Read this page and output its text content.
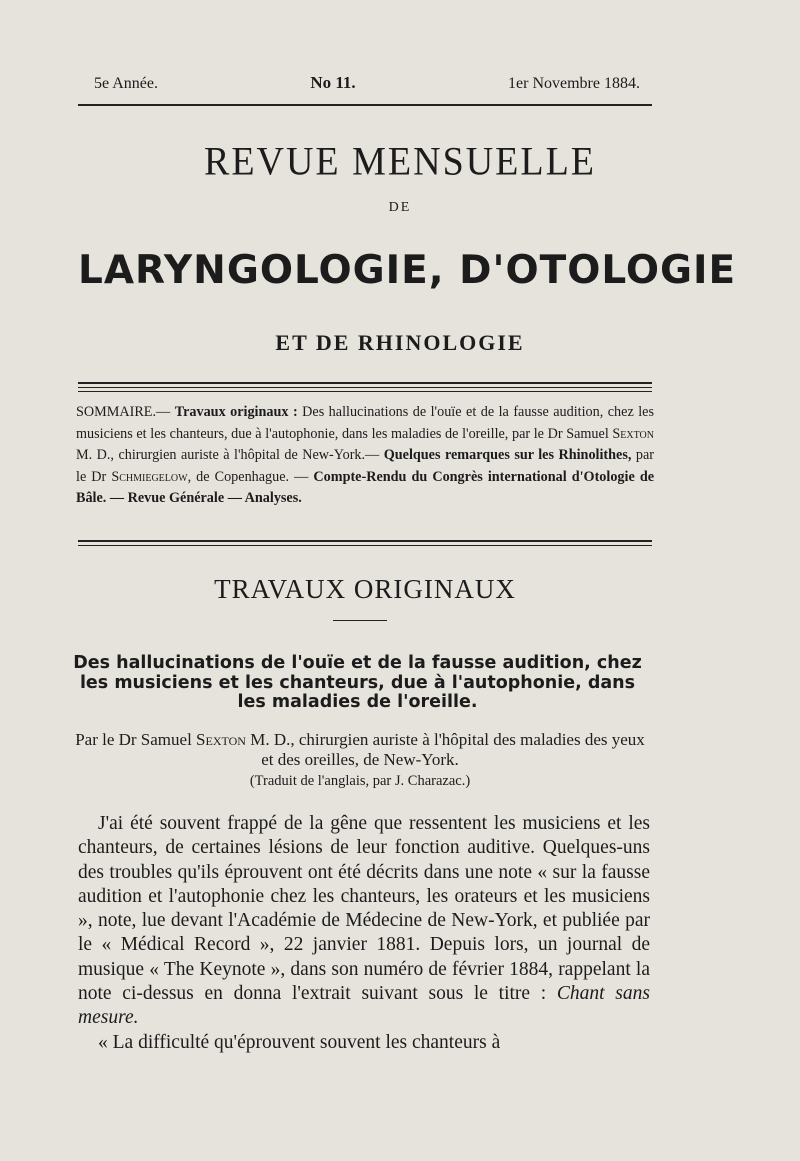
5e Année.	No 11.	1er Novembre 1884.
REVUE MENSUELLE
DE
LARYNGOLOGIE, D'OTOLOGIE
ET DE RHINOLOGIE
SOMMAIRE.— Travaux originaux : Des hallucinations de l'ouïe et de la fausse audition, chez les musiciens et les chanteurs, due à l'autophonie, dans les maladies de l'oreille, par le Dr Samuel Sexton M. D., chirurgien auriste à l'hôpital de New-York.— Quelques remarques sur les Rhinolithes, par le Dr Schmiegelow, de Copenhague. — Compte-Rendu du Congrès international d'Otologie de Bâle. — Revue Générale — Analyses.
TRAVAUX ORIGINAUX
Des hallucinations de l'ouïe et de la fausse audition, chez les musiciens et les chanteurs, due à l'autophonie, dans les maladies de l'oreille.
Par le Dr Samuel Sexton M. D., chirurgien auriste à l'hôpital des maladies des yeux et des oreilles, de New-York.
(Traduit de l'anglais, par J. Charazac.)

J'ai été souvent frappé de la gêne que ressentent les musiciens et les chanteurs, de certaines lésions de leur fonction auditive. Quelques-uns des troubles qu'ils éprouvent ont été décrits dans une note « sur la fausse audition et l'autophonie chez les chanteurs, les orateurs et les musiciens », note, lue devant l'Académie de Médecine de New-York, et publiée par le « Médical Record », 22 janvier 1881. Depuis lors, un journal de musique « The Keynote », dans son numéro de février 1884, rappelant la note ci-dessus en donna l'extrait suivant sous le titre : Chant sans mesure.

« La difficulté qu'éprouvent souvent les chanteurs à
